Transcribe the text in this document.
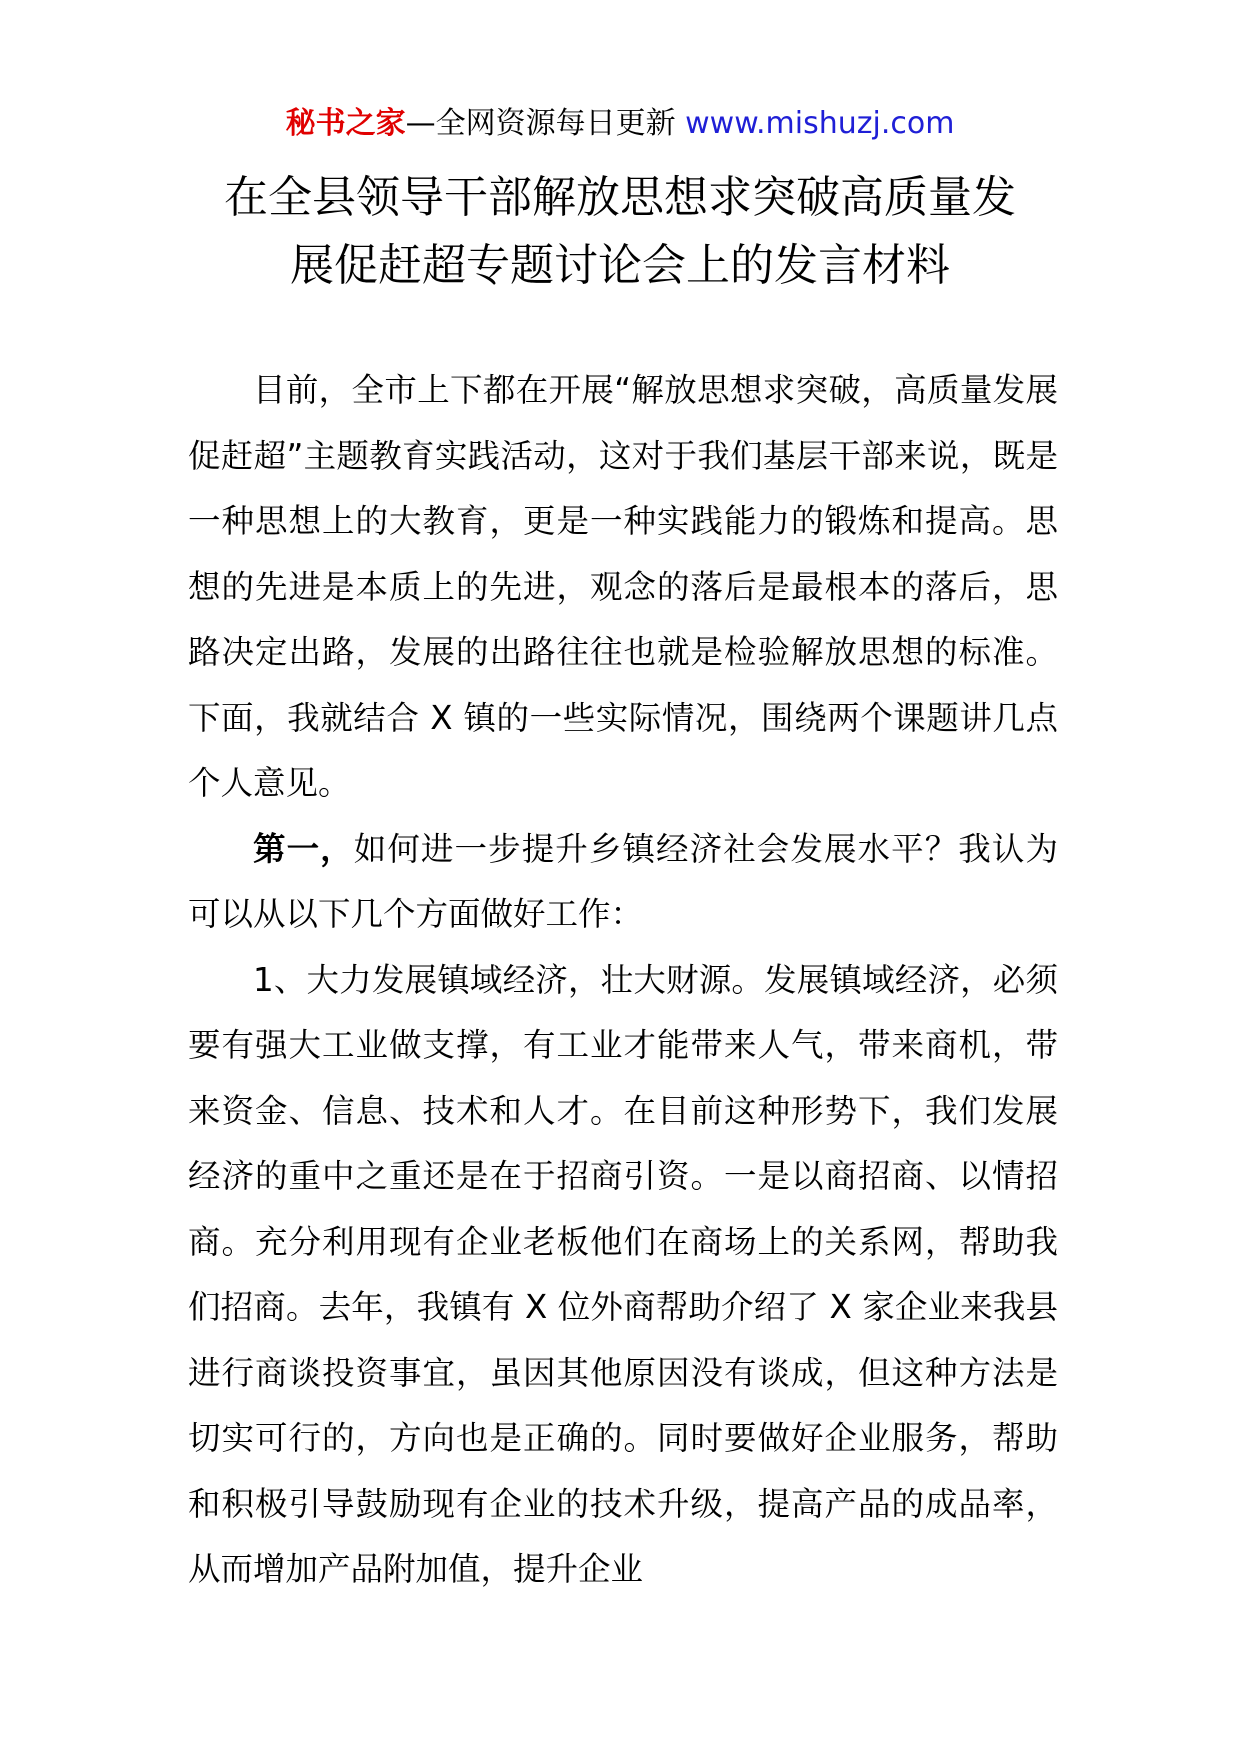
秘书之家—全网资源每日更新 www.mishuzj.com
在全县领导干部解放思想求突破高质量发
展促赶超专题讨论会上的发言材料

目前，全市上下都在开展“解放思想求突破，高质量发展促赶超”主题教育实践活动，这对于我们基层干部来说，既是一种思想上的大教育，更是一种实践能力的锻炼和提高。思想的先进是本质上的先进，观念的落后是最根本的落后，思路决定出路，发展的出路往往也就是检验解放思想的标准。下面，我就结合 X 镇的一些实际情况，围绕两个课题讲几点个人意见。

第一，如何进一步提升乡镇经济社会发展水平？我认为可以从以下几个方面做好工作：

1、大力发展镇域经济，壮大财源。发展镇域经济，必须要有强大工业做支撑，有工业才能带来人气，带来商机，带来资金、信息、技术和人才。在目前这种形势下，我们发展经济的重中之重还是在于招商引资。一是以商招商、以情招商。充分利用现有企业老板他们在商场上的关系网，帮助我们招商。去年，我镇有 X 位外商帮助介绍了 X 家企业来我县进行商谈投资事宜，虽因其他原因没有谈成，但这种方法是切实可行的，方向也是正确的。同时要做好企业服务，帮助和积极引导鼓励现有企业的技术升级，提高产品的成品率，从而增加产品附加值，提升企业
